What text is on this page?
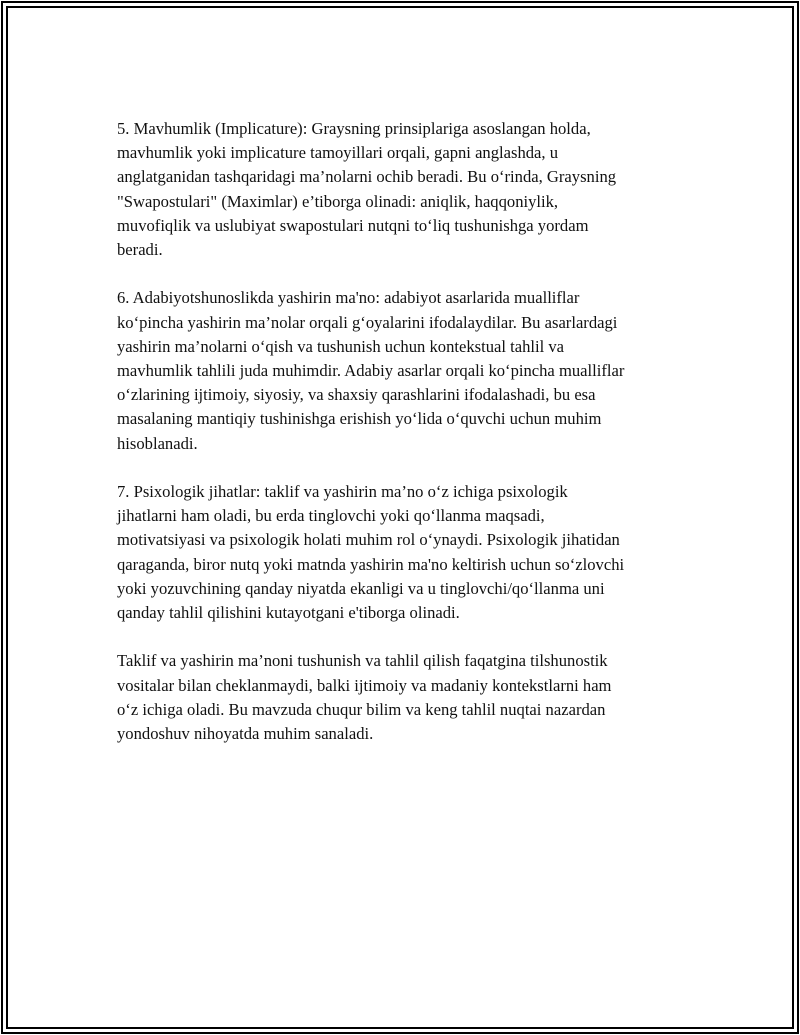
5. Mavhumlik (Implicature): Graysning prinsiplariga asoslangan holda,
mavhumlik yoki implicature tamoyillari orqali, gapni anglashda, u
anglatganidan tashqaridagi ma’nolarni ochib beradi. Bu o‘rinda, Graysning
"Swapostulari" (Maximlar) e’tiborga olinadi: aniqlik, haqqoniylik,
muvofiqlik va uslubiyat swapostulari nutqni to‘liq tushunishga yordam
beradi.

6. Adabiyotshunoslikda yashirin ma'no: adabiyot asarlarida mualliflar
ko‘pincha yashirin ma’nolar orqali g‘oyalarini ifodalaydilar. Bu asarlardagi
yashirin ma’nolarni o‘qish va tushunish uchun kontekstual tahlil va
mavhumlik tahlili juda muhimdir. Adabiy asarlar orqali ko‘pincha mualliflar
o‘zlarining ijtimoiy, siyosiy, va shaxsiy qarashlarini ifodalashadi, bu esa
masalaning mantiqiy tushinishga erishish yo‘lida o‘quvchi uchun muhim
hisoblanadi.

7. Psixologik jihatlar: taklif va yashirin ma’no o‘z ichiga psixologik
jihatlarni ham oladi, bu erda tinglovchi yoki qo‘llanma maqsadi,
motivatsiyasi va psixologik holati muhim rol o‘ynaydi. Psixologik jihatidan
qaraganda, biror nutq yoki matnda yashirin ma'no keltirish uchun so‘zlovchi
yoki yozuvchining qanday niyatda ekanligi va u tinglovchi/qo‘llanma uni
qanday tahlil qilishini kutayotgani e'tiborga olinadi.

Taklif va yashirin ma’noni tushunish va tahlil qilish faqatgina tilshunostik
vositalar bilan cheklanmaydi, balki ijtimoiy va madaniy kontekstlarni ham
o‘z ichiga oladi. Bu mavzuda chuqur bilim va keng tahlil nuqtai nazardan
yondoshuv nihoyatda muhim sanaladi.
